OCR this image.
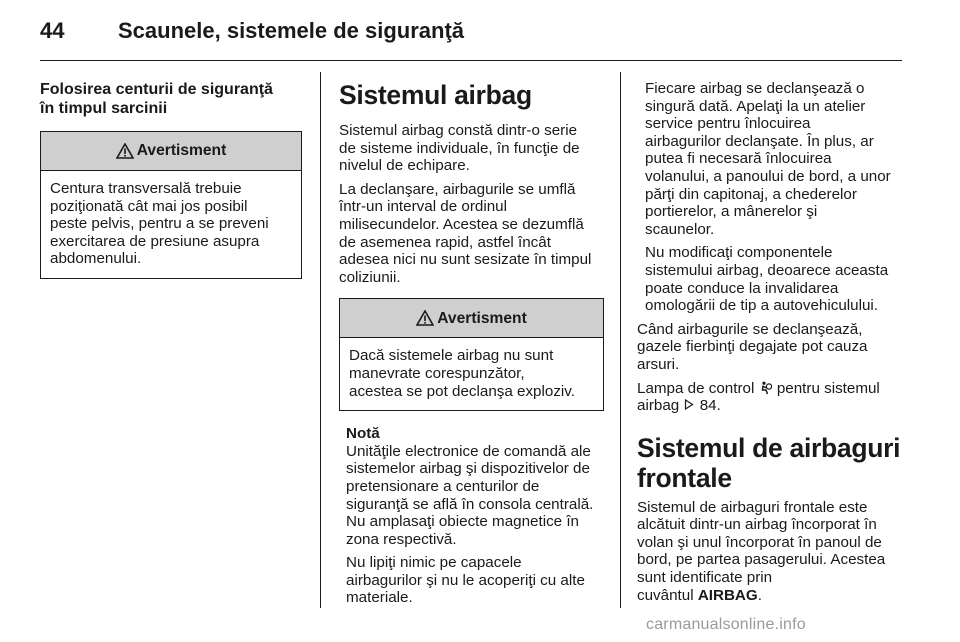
44 Scaunele, sistemele de siguranţă
Folosirea centurii de siguranţă
în timpul sarcinii
Avertisment
Centura transversală trebuie
poziţionată cât mai jos posibil
peste pelvis, pentru a se preveni
exercitarea de presiune asupra
abdomenului.
Sistemul airbag

Sistemul airbag constă dintr-o serie
de sisteme individuale, în funcţie de
nivelul de echipare.

La declanşare, airbagurile se umflă
într-un interval de ordinul
milisecundelor. Acestea se dezumflă
de asemenea rapid, astfel încât
adesea nici nu sunt sesizate în timpul
coliziunii.

Avertisment
Dacă sistemele airbag nu sunt
manevrate corespunzător,
acestea se pot declanşa exploziv.
Notă

Unităţile electronice de comandă ale
sistemelor airbag şi dispozitivelor de
pretensionare a centurilor de
siguranţă se află în consola centrală.
Nu amplasaţi obiecte magnetice în
zona respectivă.

Nu lipiţi nimic pe capacele
airbagurilor şi nu le acoperiţi cu alte
materiale.

Fiecare airbag se declanşează o
singură dată. Apelaţi la un atelier
service pentru înlocuirea
airbagurilor declanşate. În plus, ar
putea fi necesară înlocuirea
volanului, a panoului de bord, a unor
părţi din capitonaj, a chederelor
portierelor, a mânerelor şi
scaunelor.

Nu modificaţi componentele
sistemului airbag, deoarece aceasta
poate conduce la invalidarea
omologării de tip a autovehiculului.

Când airbagurile se declanşează,
gazele fierbinţi degajate pot cauza
arsuri.

Lampa de control pentru sistemul
airbag 84.

Sistemul de airbaguri
frontale

Sistemul de airbaguri frontale este
alcătuit dintr-un airbag încorporat în
volan şi unul încorporat în panoul de
bord, pe partea pasagerului. Acestea
sunt identificate prin
cuvântul AIRBAG.

carmanualsonline.info
